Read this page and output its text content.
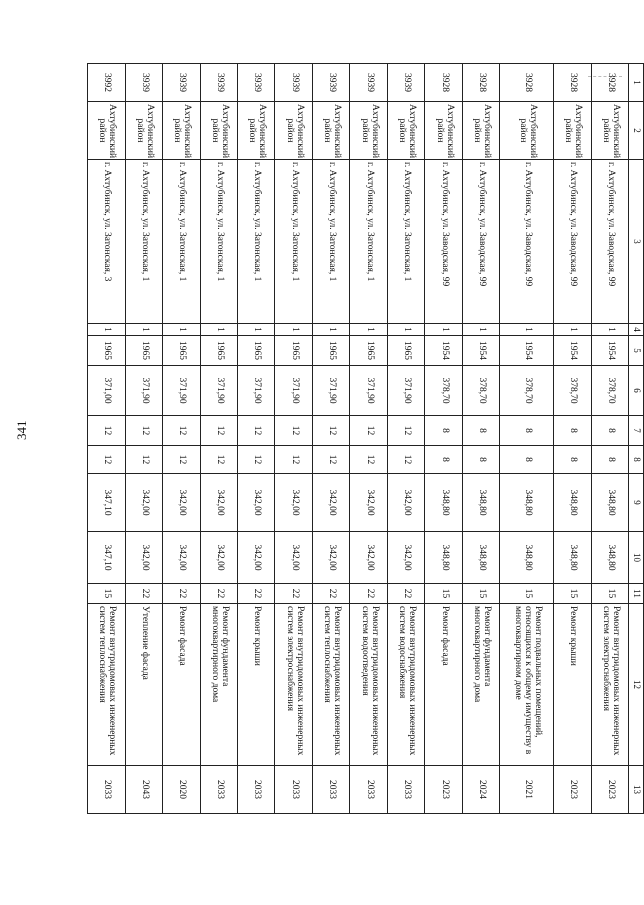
341
1	2	3	4	5	6	7	8	9	10	11	12	13
3928	Ахтубинский район	г. Ахтубинск, ул. Заводская, 99	1	1954	378,70	8	8	348,80	348,80	15	Ремонт внутридомовых инженерных систем электроснабжения	2023
3928	Ахтубинский район	г. Ахтубинск, ул. Заводская, 99	1	1954	378,70	8	8	348,80	348,80	15	Ремонт крыши	2023
3928	Ахтубинский район	г. Ахтубинск, ул. Заводская, 99	1	1954	378,70	8	8	348,80	348,80	15	Ремонт подвальных помещений, относящихся к общему имуществу в многоквартирном доме	2021
3928	Ахтубинский район	г. Ахтубинск, ул. Заводская, 99	1	1954	378,70	8	8	348,80	348,80	15	Ремонт фундамента многоквартирного дома	2024
3928	Ахтубинский район	г. Ахтубинск, ул. Заводская, 99	1	1954	378,70	8	8	348,80	348,80	15	Ремонт фасада	2023
3939	Ахтубинский район	г. Ахтубинск, ул. Затонская, 1	1	1965	371,90	12	12	342,00	342,00	22	Ремонт внутридомовых инженерных систем водоснабжения	2033
3939	Ахтубинский район	г. Ахтубинск, ул. Затонская, 1	1	1965	371,90	12	12	342,00	342,00	22	Ремонт внутридомовых инженерных систем водоотведения	2033
3939	Ахтубинский район	г. Ахтубинск, ул. Затонская, 1	1	1965	371,90	12	12	342,00	342,00	22	Ремонт внутридомовых инженерных систем теплоснабжения	2033
3939	Ахтубинский район	г. Ахтубинск, ул. Затонская, 1	1	1965	371,90	12	12	342,00	342,00	22	Ремонт внутридомовых инженерных систем электроснабжения	2033
3939	Ахтубинский район	г. Ахтубинск, ул. Затонская, 1	1	1965	371,90	12	12	342,00	342,00	22	Ремонт крыши	2033
3939	Ахтубинский район	г. Ахтубинск, ул. Затонская, 1	1	1965	371,90	12	12	342,00	342,00	22	Ремонт фундамента многоквартирного дома	2033
3939	Ахтубинский район	г. Ахтубинск, ул. Затонская, 1	1	1965	371,90	12	12	342,00	342,00	22	Ремонт фасада	2020
3939	Ахтубинский район	г. Ахтубинск, ул. Затонская, 1	1	1965	371,90	12	12	342,00	342,00	22	Утепление фасада	2043
3992	Ахтубинский район	г. Ахтубинск, ул. Затонская, 3	1	1965	371,00	12	12	347,10	347,10	15	Ремонт внутридомовых инженерных систем теплоснабжения	2033
